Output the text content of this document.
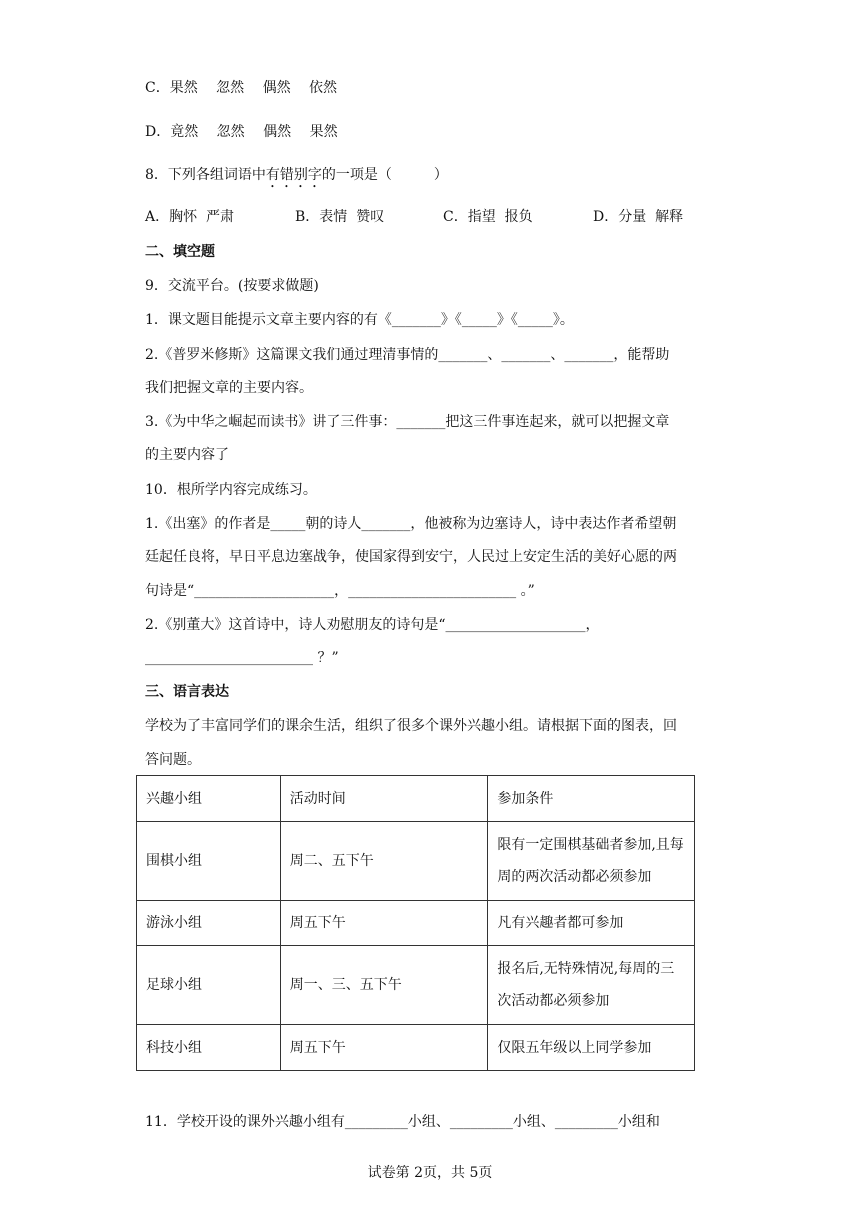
C．果然　 忽然　 偶然　 依然
D．竟然　 忽然　 偶然　 果然
8．下列各组词语中有错别字的一项是（　　　）
A．胸怀  严肃	B．表情  赞叹	C．指望  报负	D．分量  解释
二、填空题
9．交流平台。(按要求做题)
1．课文题目能提示文章主要内容的有《_______》《_____》《_____》。
2.《普罗米修斯》这篇课文我们通过理清事情的_______、_______、_______，能帮助
我们把握文章的主要内容。
3.《为中华之崛起而读书》讲了三件事：_______把这三件事连起来，就可以把握文章
的主要内容了
10．根所学内容完成练习。
1.《出塞》的作者是_____朝的诗人_______，他被称为边塞诗人，诗中表达作者希望朝
廷起任良将，早日平息边塞战争，使国家得到安宁，人民过上安定生活的美好心愿的两
句诗是“____________________，________________________ 。”
2.《别董大》这首诗中，诗人劝慰朋友的诗句是“____________________，
________________________ ？”
三、语言表达
学校为了丰富同学们的课余生活，组织了很多个课外兴趣小组。请根据下面的图表，回
答问题。
兴趣小组	活动时间	参加条件
围棋小组	周二、五下午	限有一定围棋基础者参加,且每周的两次活动都必须参加
游泳小组	周五下午	凡有兴趣者都可参加
足球小组	周一、三、五下午	报名后,无特殊情况,每周的三次活动都必须参加
科技小组	周五下午	仅限五年级以上同学参加
11．学校开设的课外兴趣小组有_________小组、_________小组、_________小组和
试卷第 2页，共 5页
